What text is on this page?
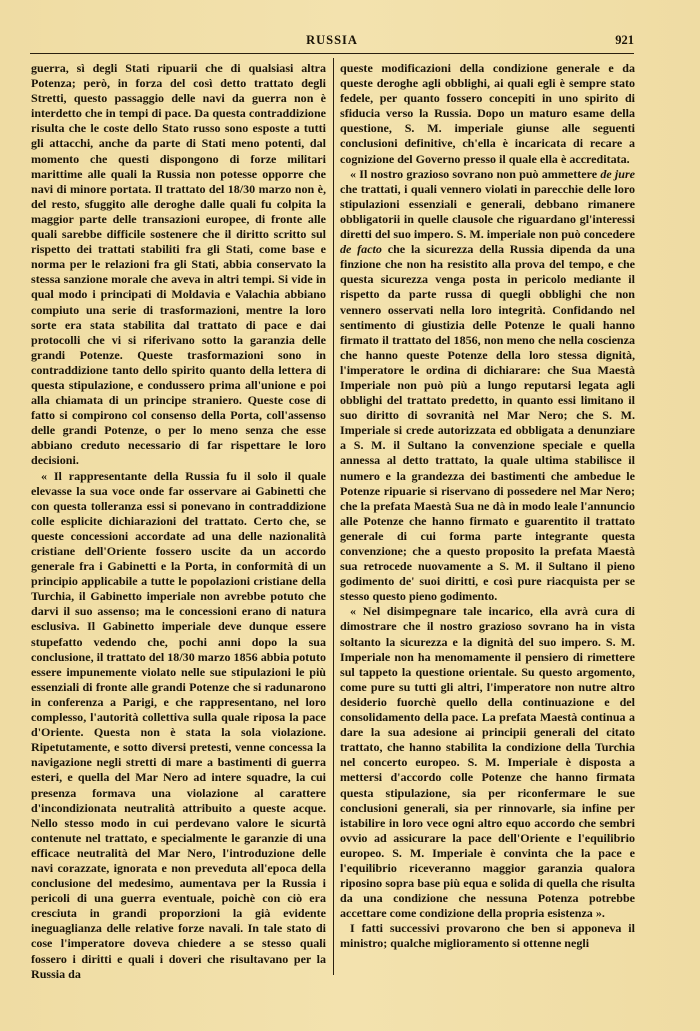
RUSSIA	921

guerra, sì degli Stati ripuarii che di qualsiasi altra Potenza; però, in forza del così detto trattato degli Stretti, questo passaggio delle navi da guerra non è interdetto che in tempi di pace. Da questa contraddizione risulta che le coste dello Stato russo sono esposte a tutti gli attacchi, anche da parte di Stati meno potenti, dal momento che questi dispongono di forze militari marittime alle quali la Russia non potesse opporre che navi di minore portata. Il trattato del 18/30 marzo non è, del resto, sfuggito alle deroghe dalle quali fu colpita la maggior parte delle transazioni europee, di fronte alle quali sarebbe difficile sostenere che il diritto scritto sul rispetto dei trattati stabiliti fra gli Stati, come base e norma per le relazioni fra gli Stati, abbia conservato la stessa sanzione morale che aveva in altri tempi. Si vide in qual modo i principati di Moldavia e Valachia abbiano compiuto una serie di trasformazioni, mentre la loro sorte era stata stabilita dal trattato di pace e dai protocolli che vi si riferivano sotto la garanzia delle grandi Potenze. Queste trasformazioni sono in contraddizione tanto dello spirito quanto della lettera di questa stipulazione, e condussero prima all'unione e poi alla chiamata di un principe straniero. Queste cose di fatto si compirono col consenso della Porta, coll'assenso delle grandi Potenze, o per lo meno senza che esse abbiano creduto necessario di far rispettare le loro decisioni.

« Il rappresentante della Russia fu il solo il quale elevasse la sua voce onde far osservare ai Gabinetti che con questa tolleranza essi si ponevano in contraddizione colle esplicite dichiarazioni del trattato. Certo che, se queste concessioni accordate ad una delle nazionalità cristiane dell'Oriente fossero uscite da un accordo generale fra i Gabinetti e la Porta, in conformità di un principio applicabile a tutte le popolazioni cristiane della Turchia, il Gabinetto imperiale non avrebbe potuto che darvi il suo assenso; ma le concessioni erano di natura esclusiva. Il Gabinetto imperiale deve dunque essere stupefatto vedendo che, pochi anni dopo la sua conclusione, il trattato del 18/30 marzo 1856 abbia potuto essere impunemente violato nelle sue stipulazioni le più essenziali di fronte alle grandi Potenze che si radunarono in conferenza a Parigi, e che rappresentano, nel loro complesso, l'autorità collettiva sulla quale riposa la pace d'Oriente. Questa non è stata la sola violazione. Ripetutamente, e sotto diversi pretesti, venne concessa la navigazione negli stretti di mare a bastimenti di guerra esteri, e quella del Mar Nero ad intere squadre, la cui presenza formava una violazione al carattere d'incondizionata neutralità attribuito a queste acque. Nello stesso modo in cui perdevano valore le sicurtà contenute nel trattato, e specialmente le garanzie di una efficace neutralità del Mar Nero, l'introduzione delle navi corazzate, ignorata e non preveduta all'epoca della conclusione del medesimo, aumentava per la Russia i pericoli di una guerra eventuale, poichè con ciò era cresciuta in grandi proporzioni la già evidente ineguaglianza delle relative forze navali. In tale stato di cose l'imperatore doveva chiedere a se stesso quali fossero i diritti e quali i doveri che risultavano per la Russia da

queste modificazioni della condizione generale e da queste deroghe agli obblighi, ai quali egli è sempre stato fedele, per quanto fossero concepiti in uno spirito di sfiducia verso la Russia. Dopo un maturo esame della questione, S. M. imperiale giunse alle seguenti conclusioni definitive, ch'ella è incaricata di recare a cognizione del Governo presso il quale ella è accreditata.

« Il nostro grazioso sovrano non può ammettere de jure che trattati, i quali vennero violati in parecchie delle loro stipulazioni essenziali e generali, debbano rimanere obbligatorii in quelle clausole che riguardano gl'interessi diretti del suo impero. S. M. imperiale non può concedere de facto che la sicurezza della Russia dipenda da una finzione che non ha resistito alla prova del tempo, e che questa sicurezza venga posta in pericolo mediante il rispetto da parte russa di quegli obblighi che non vennero osservati nella loro integrità. Confidando nel sentimento di giustizia delle Potenze le quali hanno firmato il trattato del 1856, non meno che nella coscienza che hanno queste Potenze della loro stessa dignità, l'imperatore le ordina di dichiarare: che Sua Maestà Imperiale non può più a lungo reputarsi legata agli obblighi del trattato predetto, in quanto essi limitano il suo diritto di sovranità nel Mar Nero; che S. M. Imperiale si crede autorizzata ed obbligata a denunziare a S. M. il Sultano la convenzione speciale e quella annessa al detto trattato, la quale ultima stabilisce il numero e la grandezza dei bastimenti che ambedue le Potenze ripuarie si riservano di possedere nel Mar Nero; che la prefata Maestà Sua ne dà in modo leale l'annuncio alle Potenze che hanno firmato e guarentito il trattato generale di cui forma parte integrante questa convenzione; che a questo proposito la prefata Maestà sua retrocede nuovamente a S. M. il Sultano il pieno godimento de' suoi diritti, e così pure riacquista per se stesso questo pieno godimento.

« Nel disimpegnare tale incarico, ella avrà cura di dimostrare che il nostro grazioso sovrano ha in vista soltanto la sicurezza e la dignità del suo impero. S. M. Imperiale non ha menomamente il pensiero di rimettere sul tappeto la questione orientale. Su questo argomento, come pure su tutti gli altri, l'imperatore non nutre altro desiderio fuorchè quello della continuazione e del consolidamento della pace. La prefata Maestà continua a dare la sua adesione ai principii generali del citato trattato, che hanno stabilita la condizione della Turchia nel concerto europeo. S. M. Imperiale è disposta a mettersi d'accordo colle Potenze che hanno firmata questa stipulazione, sia per riconfermare le sue conclusioni generali, sia per rinnovarle, sia infine per istabilire in loro vece ogni altro equo accordo che sembri ovvio ad assicurare la pace dell'Oriente e l'equilibrio europeo. S. M. Imperiale è convinta che la pace e l'equilibrio riceveranno maggior garanzia qualora riposino sopra base più equa e solida di quella che risulta da una condizione che nessuna Potenza potrebbe accettare come condizione della propria esistenza ».

I fatti successivi provarono che ben si apponeva il ministro; qualche miglioramento si ottenne negli
